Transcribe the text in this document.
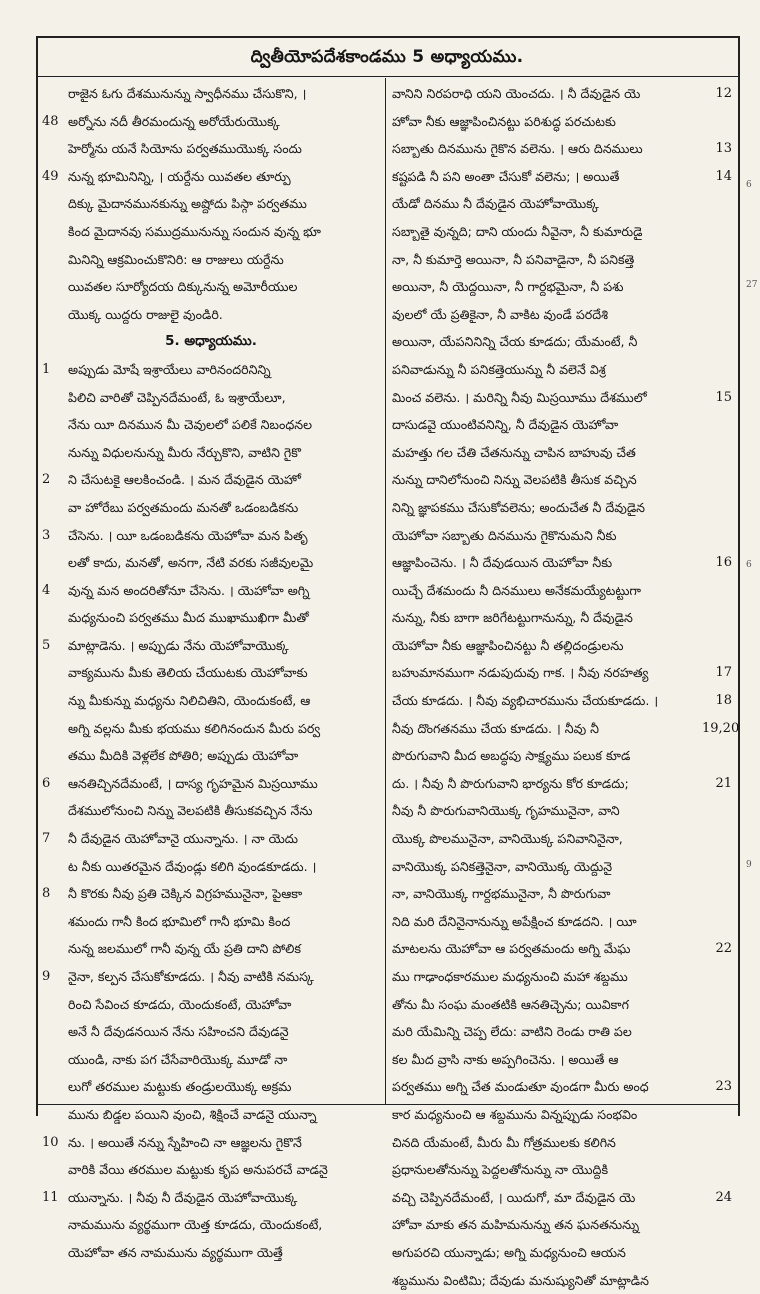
ద్వితీయోపదేశకాండము 5 అధ్యాయము.
రాజైన ఓగు దేశమునున్ను స్వాధీనము చేసుకొని, ।
48 అర్నోను నదీ తీరమందున్న అరోయేరుయొక్క
హెర్మోను యనే సియోను పర్వతముయొక్క సందు
49 నున్న భూమినిన్ని, । యర్దేను యివతల తూర్పు
దిక్కు మైదానమునకున్ను అష్దోదు పిస్గా పర్వతము
కింద మైదానవు సముద్రమునున్ను సందున వున్న భూ
మినిన్ని ఆక్రమించుకొనిరి: ఆ రాజులు యర్దేను
యివతల సూర్యోదయ దిక్కునున్న అమోరీయుల
యొక్క యిద్దరు రాజులై వుండిరి.
5. అధ్యాయము.
1	అప్పుడు మోషే ఇశ్రాయేలు వారినందరినిన్ని
పిలిచి వారితో చెప్పినదేమంటే, ఓ ఇశ్రాయేలూ,
నేను యీ దినమున మీ చెవులలో పలికే నిబంధనల
నున్ను విధులనున్ను మీరు నేర్చుకొని, వాటిని గైకొ
2	ని చేసుటకై ఆలకించండి. । మన దేవుడైన యెహో
వా హోరేబు పర్వతమందు మనతో ఒడంబడికను
3	చేసెను. । యీ ఒడంబడికను యెహోవా మన పితృ
లతో కాదు, మనతో, అనగా, నేటి వరకు సజీవులమై
4	వున్న మన అందరితోనూ చేసెను. । యెహోవా అగ్ని
మధ్యనుంచి పర్వతము మీద ముఖాముఖిగా మీతో
5	మాట్లాడెను. । అప్పుడు నేను యెహోవాయొక్క
వాక్యమును మీకు తెలియ చేయుటకు యెహోవాకు
న్ను మీకున్ను మధ్యను నిలిచితిని, యెందుకంటే, ఆ
అగ్ని వల్లను మీకు భయము కలిగినందున మీరు పర్వ
తము మీదికి వెళ్లలేక పోతిరి; అప్పుడు యెహోవా
6	ఆనతిచ్చినదేమంటే, । దాస్య గృహమైన మిస్రయీము
దేశములోనుంచి నిన్ను వెలపటికి తీసుకవచ్చిన నేను
7	నీ దేవుడైన యెహోవానై యున్నాను. । నా యెదు
ట నీకు యితరమైన దేవుండ్లు కలిగి వుండకూడదు. ।
8	నీ కొరకు నీవు ప్రతి చెక్కిన విగ్రహమునైనా, పైఆకా
శమందు గానీ కింద భూమిలో గానీ భూమి కింద
నున్న జలములో గానీ వున్న యే ప్రతి దాని పోలిక
9	నైనా, కల్పన చేసుకోకూడదు. । నీవు వాటికి నమస్క
రించి సేవించ కూడదు, యెందుకంటే, యెహోవా
అనే నీ దేవుడనయిన నేను సహించని దేవుడనై
యుండి, నాకు పగ చేసేవారియొక్క మూడో నా
లుగో తరముల మట్టుకు తండ్రులయొక్క అక్రమ
మును బిడ్డల పయిని వుంచి, శిక్షించే వాడనై యున్నా
10 ను. । అయితే నన్ను స్నేహించి నా ఆజ్ఞలను గైకొనే
వారికి వేయి తరముల మట్టుకు కృప అనుపరచే వాడనై
11 యున్నాను. । నీవు నీ దేవుడైన యెహోవాయొక్క
నామమును వ్యర్థముగా యెత్త కూడదు, యెందుకంటే,
యెహోవా తన నామమును వ్యర్థముగా యెత్తే
12
వానిని నిరపరాధి యని యెంచదు. । నీ దేవుడైన యె
హోవా నీకు ఆజ్ఞాపించినట్టు పరిశుద్ధ పరచుటకు
13
సబ్బాతు దినమును గైకొన వలెను. । ఆరు దినములు
14
కష్టపడి నీ పని అంతా చేసుకో వలెను; । అయితే
యేడో దినము నీ దేవుడైన యెహోవాయొక్క
సబ్బాతై వున్నది; దాని యందు నీవైనా, నీ కుమారుడై
నా, నీ కుమార్తె అయినా, నీ పనివాడైనా, నీ పనికత్తె
అయినా, నీ యెద్దయినా, నీ గార్దభమైనా, నీ పశు
వులలో యే ప్రతికైనా, నీ వాకిట వుండే పరదేశి
అయినా, యేపనినిన్ని చేయ కూడదు; యేమంటే, నీ
పనివాడున్ను నీ పనికత్తెయున్ను నీ వలెనే విశ్ర
15
మించ వలెను. । మరిన్ని నీవు మిస్రయీము దేశములో
దాసుడవై యుంటివనిన్ని, నీ దేవుడైన యెహోవా
మహత్తు గల చేతి చేతనున్ను చాపిన బాహువు చేత
నున్ను దానిలోనుంచి నిన్ను వెలపటికి తీసుక వచ్చిన
నిన్ని జ్ఞాపకము చేసుకోవలెను; అందుచేత నీ దేవుడైన
యెహోవా సబ్బాతు దినమును గైకొనుమని నీకు
16
ఆజ్ఞాపించెను. । నీ దేవుడయిన యెహోవా నీకు
యిచ్చే దేశమందు నీ దినములు అనేకమయ్యేటట్టుగా
నున్ను, నీకు బాగా జరిగేటట్టుగానున్ను, నీ దేవుడైన
యెహోవా నీకు ఆజ్ఞాపించినట్టు నీ తల్లిదండ్రులను
17
బహుమానముగా నడుపుదువు గాక. । నీవు నరహత్య
18
చేయ కూడదు. । నీవు వ్యభిచారమును చేయకూడదు. ।
19,20
నీవు దొంగతనము చేయ కూడదు. । నీవు నీ
పొరుగువాని మీద అబద్ధపు సాక్ష్యము పలుక కూడ
21
దు. । నీవు నీ పొరుగువాని భార్యను కోర కూడదు;
నీవు నీ పొరుగువానియొక్క గృహమునైనా, వాని
యొక్క పొలమునైనా, వానియొక్క పనివానినైనా,
వానియొక్క పనికత్తెనైనా, వానియొక్క యెద్దునై
నా, వానియొక్క గార్దభమునైనా, నీ పొరుగువా
నిది మరి దేనినైనానున్ను అపేక్షించ కూడదని. । యీ
22
మాటలను యెహోవా ఆ పర్వతమందు అగ్ని మేఘ
ము గాఢాంధకారముల మధ్యనుంచి మహా శబ్దము
తోను మీ సంఘ మంతటికి ఆనతిచ్చెను; యివికాగ
మరి యేమిన్ని చెప్ప లేదు: వాటిని రెండు రాతి పల
కల మీద వ్రాసి నాకు అప్పగించెను. । అయితే ఆ
23
పర్వతము అగ్ని చేత మండుతూ వుండగా మీరు అంధ
కార మధ్యనుంచి ఆ శబ్దమును విన్నప్పుడు సంభవిం
చినది యేమంటే, మీరు మీ గోత్రములకు కలిగిన
ప్రధానులతోనున్ను పెద్దలతోనున్ను నా యొద్దికి
24
వచ్చి చెప్పినదేమంటే, । యిదుగో, మా దేవుడైన యె
హోవా మాకు తన మహిమనున్ను తన ఘనతనున్ను
అగుపరచి యున్నాడు; అగ్ని మధ్యనుంచి ఆయన
శబ్దమును వింటిమి; దేవుడు మనుష్యునితో మాట్లాడిన
6
27
6
9
